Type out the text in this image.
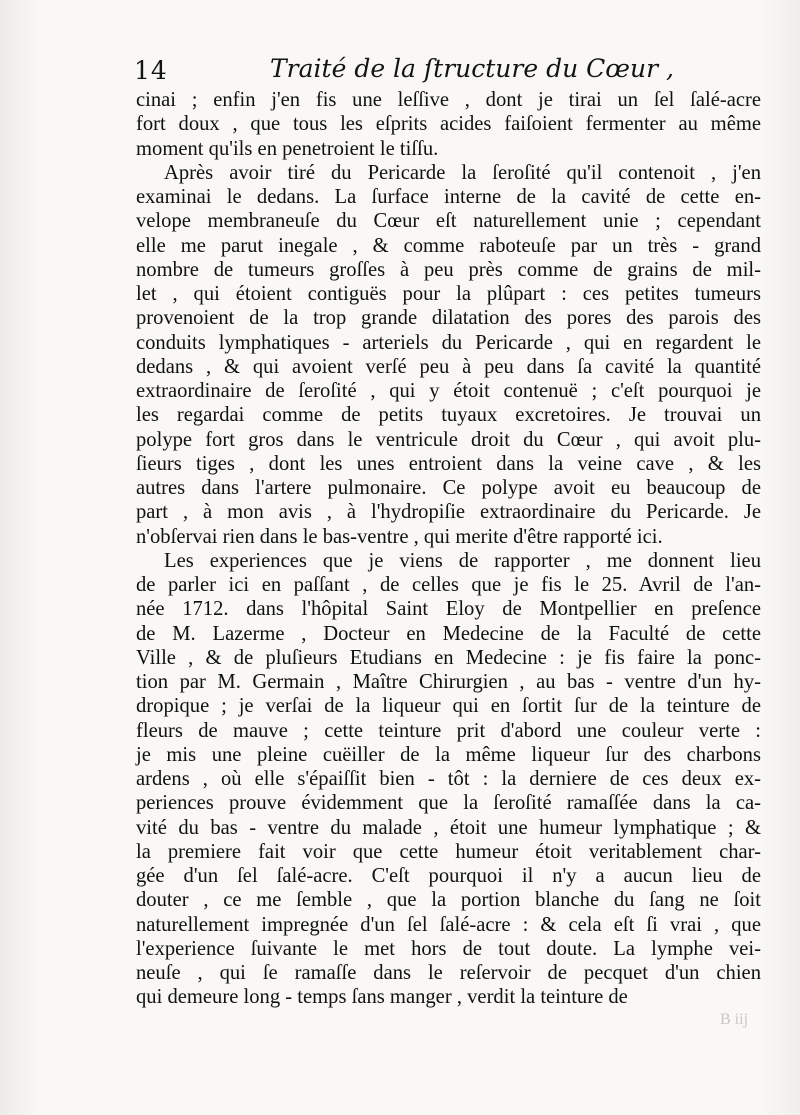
14	Traité de la ſtructure du Cœur ,

cinai ; enfin j'en fis une leſſive , dont je tirai un ſel ſalé-acre
fort doux , que tous les eſprits acides faiſoient fermenter au même
moment qu'ils en penetroient le tiſſu.

Après avoir tiré du Pericarde la ſeroſité qu'il contenoit , j'en
examinai le dedans. La ſurface interne de la cavité de cette en-
velope membraneuſe du Cœur eſt naturellement unie ; cependant
elle me parut inegale , & comme raboteuſe par un très - grand
nombre de tumeurs groſſes à peu près comme de grains de mil-
let , qui étoient contiguës pour la plûpart : ces petites tumeurs
provenoient de la trop grande dilatation des pores des parois des
conduits lymphatiques - arteriels du Pericarde , qui en regardent le
dedans , & qui avoient verſé peu à peu dans ſa cavité la quantité
extraordinaire de ſeroſité , qui y étoit contenuë ; c'eſt pourquoi je
les regardai comme de petits tuyaux excretoires. Je trouvai un
polype fort gros dans le ventricule droit du Cœur , qui avoit plu-
ſieurs tiges , dont les unes entroient dans la veine cave , & les
autres dans l'artere pulmonaire. Ce polype avoit eu beaucoup de
part , à mon avis , à l'hydropiſie extraordinaire du Pericarde. Je
n'obſervai rien dans le bas-ventre , qui merite d'être rapporté ici.

Les experiences que je viens de rapporter , me donnent lieu
de parler ici en paſſant , de celles que je fis le 25. Avril de l'an-
née 1712. dans l'hôpital Saint Eloy de Montpellier en preſence
de M. Lazerme , Docteur en Medecine de la Faculté de cette
Ville , & de pluſieurs Etudians en Medecine : je fis faire la ponc-
tion par M. Germain , Maître Chirurgien , au bas - ventre d'un hy-
dropique ; je verſai de la liqueur qui en ſortit ſur de la teinture de
fleurs de mauve ; cette teinture prit d'abord une couleur verte :
je mis une pleine cuëiller de la même liqueur ſur des charbons
ardens , où elle s'épaiſſit bien - tôt : la derniere de ces deux ex-
periences prouve évidemment que la ſeroſité ramaſſée dans la ca-
vité du bas - ventre du malade , étoit une humeur lymphatique ; &
la premiere fait voir que cette humeur étoit veritablement char-
gée d'un ſel ſalé-acre. C'eſt pourquoi il n'y a aucun lieu de
douter , ce me ſemble , que la portion blanche du ſang ne ſoit
naturellement impregnée d'un ſel ſalé-acre : & cela eſt ſi vrai , que
l'experience ſuivante le met hors de tout doute. La lymphe vei-
neuſe , qui ſe ramaſſe dans le reſervoir de pecquet d'un chien
qui demeure long - temps ſans manger , verdit la teinture de

B iij
